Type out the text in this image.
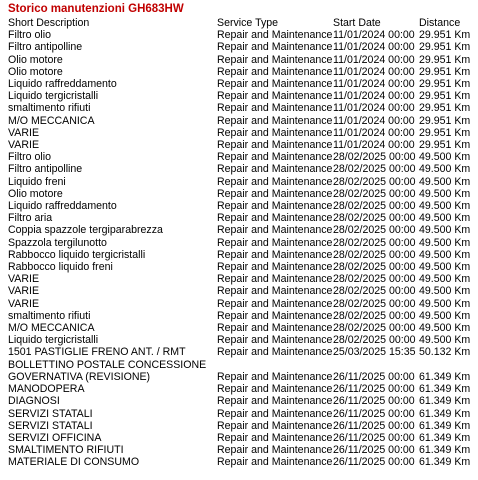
Storico manutenzioni GH683HW
Short Description	Service Type	Start Date	Distance
Filtro olio	Repair and Maintenance	11/01/2024 00:00	29.951 Km
Filtro antipolline	Repair and Maintenance	11/01/2024 00:00	29.951 Km
Olio motore	Repair and Maintenance	11/01/2024 00:00	29.951 Km
Olio motore	Repair and Maintenance	11/01/2024 00:00	29.951 Km
Liquido raffreddamento	Repair and Maintenance	11/01/2024 00:00	29.951 Km
Liquido tergicristalli	Repair and Maintenance	11/01/2024 00:00	29.951 Km
smaltimento rifiuti	Repair and Maintenance	11/01/2024 00:00	29.951 Km
M/O MECCANICA	Repair and Maintenance	11/01/2024 00:00	29.951 Km
VARIE	Repair and Maintenance	11/01/2024 00:00	29.951 Km
VARIE	Repair and Maintenance	11/01/2024 00:00	29.951 Km
Filtro olio	Repair and Maintenance	28/02/2025 00:00	49.500 Km
Filtro antipolline	Repair and Maintenance	28/02/2025 00:00	49.500 Km
Liquido freni	Repair and Maintenance	28/02/2025 00:00	49.500 Km
Olio motore	Repair and Maintenance	28/02/2025 00:00	49.500 Km
Liquido raffreddamento	Repair and Maintenance	28/02/2025 00:00	49.500 Km
Filtro aria	Repair and Maintenance	28/02/2025 00:00	49.500 Km
Coppia spazzole tergiparabrezza	Repair and Maintenance	28/02/2025 00:00	49.500 Km
Spazzola tergilunotto	Repair and Maintenance	28/02/2025 00:00	49.500 Km
Rabbocco liquido tergicristalli	Repair and Maintenance	28/02/2025 00:00	49.500 Km
Rabbocco liquido freni	Repair and Maintenance	28/02/2025 00:00	49.500 Km
VARIE	Repair and Maintenance	28/02/2025 00:00	49.500 Km
VARIE	Repair and Maintenance	28/02/2025 00:00	49.500 Km
VARIE	Repair and Maintenance	28/02/2025 00:00	49.500 Km
smaltimento rifiuti	Repair and Maintenance	28/02/2025 00:00	49.500 Km
M/O MECCANICA	Repair and Maintenance	28/02/2025 00:00	49.500 Km
Liquido tergicristalli	Repair and Maintenance	28/02/2025 00:00	49.500 Km
1501 PASTIGLIE FRENO ANT. / RMT	Repair and Maintenance	25/03/2025 15:35	50.132 Km
BOLLETTINO POSTALE CONCESSIONE			
GOVERNATIVA (REVISIONE)	Repair and Maintenance	26/11/2025 00:00	61.349 Km
MANODOPERA	Repair and Maintenance	26/11/2025 00:00	61.349 Km
DIAGNOSI	Repair and Maintenance	26/11/2025 00:00	61.349 Km
SERVIZI STATALI	Repair and Maintenance	26/11/2025 00:00	61.349 Km
SERVIZI STATALI	Repair and Maintenance	26/11/2025 00:00	61.349 Km
SERVIZI OFFICINA	Repair and Maintenance	26/11/2025 00:00	61.349 Km
SMALTIMENTO RIFIUTI	Repair and Maintenance	26/11/2025 00:00	61.349 Km
MATERIALE DI CONSUMO	Repair and Maintenance	26/11/2025 00:00	61.349 Km
